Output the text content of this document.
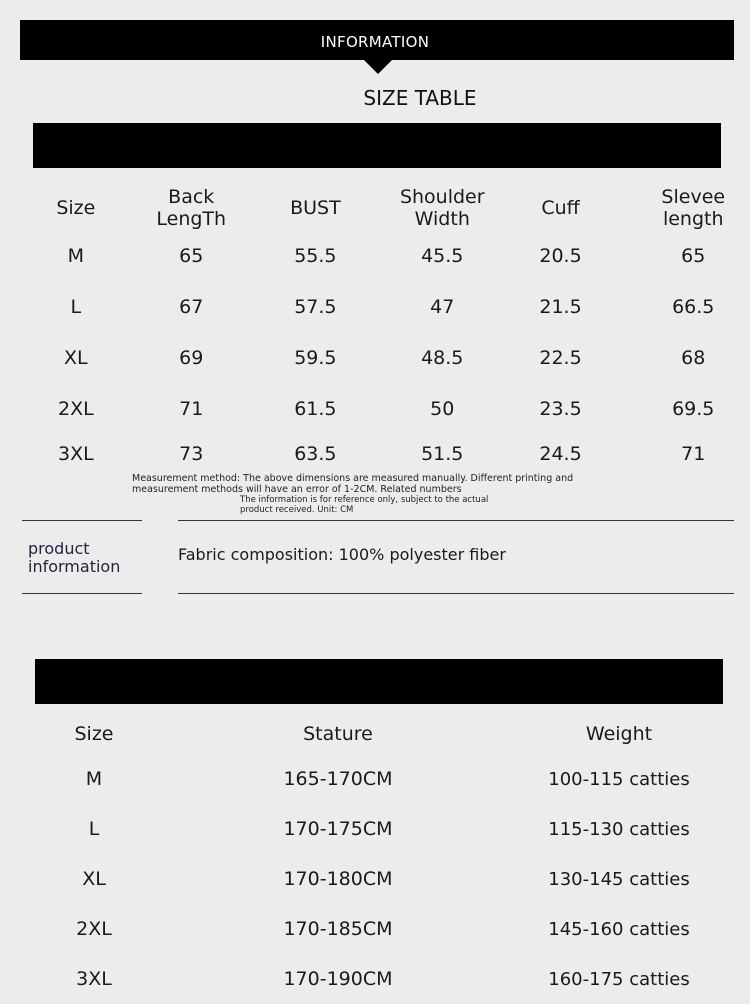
INFORMATION
SIZE TABLE
Size	Back LengTh	BUST	Shoulder Width	Cuff	Slevee length
M	65	55.5	45.5	20.5	65
L	67	57.5	47	21.5	66.5
XL	69	59.5	48.5	22.5	68
2XL	71	61.5	50	23.5	69.5
3XL	73	63.5	51.5	24.5	71
Measurement method: The above dimensions are measured manually. Different printing and measurement methods will have an error of 1-2CM. Related numbers
The information is for reference only, subject to the actual product received. Unit: CM
product information
Fabric composition: 100% polyester fiber
Size	Stature	Weight
M	165-170CM	100-115 catties
L	170-175CM	115-130 catties
XL	170-180CM	130-145 catties
2XL	170-185CM	145-160 catties
3XL	170-190CM	160-175 catties
